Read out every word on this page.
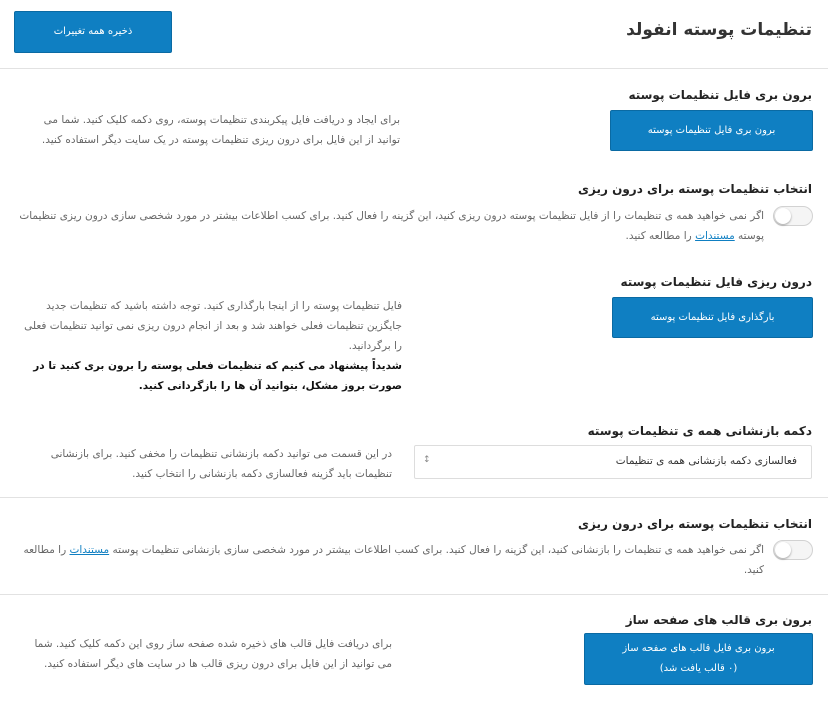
تنظیمات پوسته انفولد
ذخیره همه تغییرات
برون بری فایل تنظیمات پوسته
برون بری فایل تنظیمات پوسته
برای ایجاد و دریافت فایل پیکربندی تنظیمات پوسته، روی دکمه کلیک کنید. شما می توانید از این فایل برای درون ریزی تنظیمات پوسته در یک سایت دیگر استفاده کنید.
انتخاب تنظیمات پوسته برای درون ریزی
اگر نمی خواهید همه ی تنظیمات را از فایل تنظیمات پوسته درون ریزی کنید، این گزینه را فعال کنید. برای کسب اطلاعات بیشتر در مورد شخصی سازی درون ریزی تنظیمات پوسته مستندات را مطالعه کنید.
درون ریزی فایل تنظیمات پوسته
بارگذاری فایل تنظیمات پوسته
فایل تنظیمات پوسته را از اینجا بارگذاری کنید. توجه داشته باشید که تنظیمات جدید جایگزین تنظیمات فعلی خواهند شد و بعد از انجام درون ریزی نمی توانید تنظیمات فعلی را برگردانید.
شدیداً پیشنهاد می کنیم که تنظیمات فعلی پوسته را برون بری کنید تا در صورت بروز مشکل، بتوانید آن ها را بازگردانی کنید.
دکمه بازنشانی همه ی تنظیمات پوسته
فعالسازی دکمه بازنشانی همه ی تنظیمات
↕
در این قسمت می توانید دکمه بازنشانی تنظیمات را مخفی کنید. برای بازنشانی تنظیمات باید گزینه فعالسازی دکمه بازنشانی را انتخاب کنید.
انتخاب تنظیمات پوسته برای درون ریزی
اگر نمی خواهید همه ی تنظیمات را بازنشانی کنید، این گزینه را فعال کنید. برای کسب اطلاعات بیشتر در مورد شخصی سازی بازنشانی تنظیمات پوسته مستندات را مطالعه کنید.
برون بری قالب های صفحه ساز
برون بری فایل قالب های صفحه ساز
(۰ قالب یافت شد)
برای دریافت فایل قالب های ذخیره شده صفحه ساز روی این دکمه کلیک کنید. شما می توانید از این فایل برای درون ریزی قالب ها در سایت های دیگر استفاده کنید.
